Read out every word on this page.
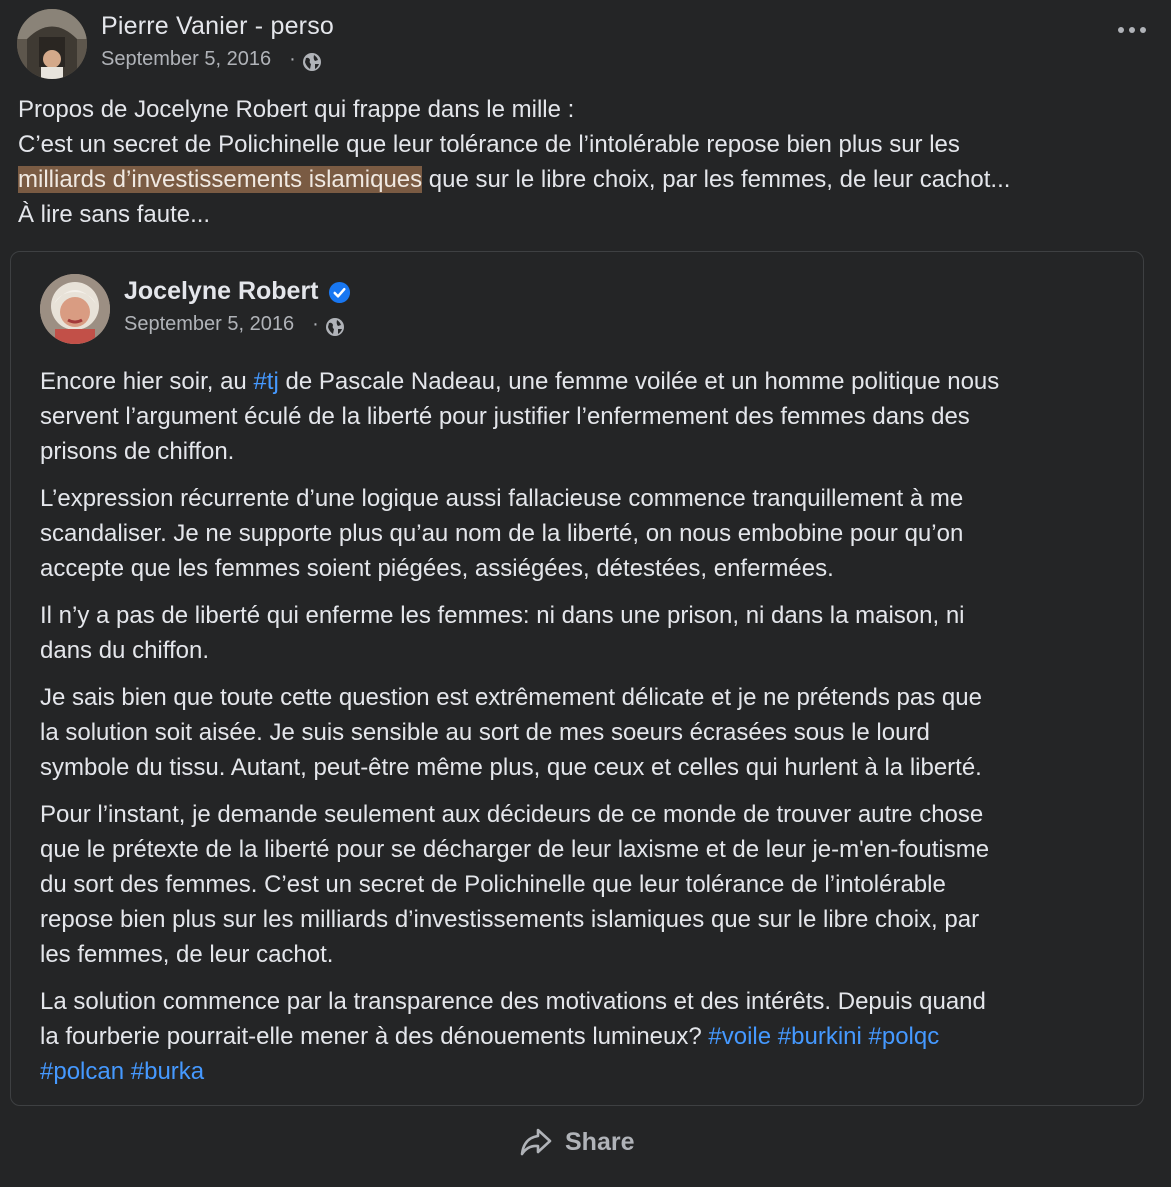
Pierre Vanier - perso
September 5, 2016 ·
Propos de Jocelyne Robert qui frappe dans le mille :
C’est un secret de Polichinelle que leur tolérance de l’intolérable repose bien plus sur les
milliards d’investissements islamiques que sur le libre choix, par les femmes, de leur cachot...
À lire sans faute...
Jocelyne Robert
September 5, 2016 ·
Encore hier soir, au #tj de Pascale Nadeau, une femme voilée et un homme politique nous
servent l’argument éculé de la liberté pour justifier l’enfermement des femmes dans des
prisons de chiffon.
L’expression récurrente d’une logique aussi fallacieuse commence tranquillement à me
scandaliser. Je ne supporte plus qu’au nom de la liberté, on nous embobine pour qu’on
accepte que les femmes soient piégées, assiégées, détestées, enfermées.
Il n’y a pas de liberté qui enferme les femmes: ni dans une prison, ni dans la maison, ni
dans du chiffon.
Je sais bien que toute cette question est extrêmement délicate et je ne prétends pas que
la solution soit aisée. Je suis sensible au sort de mes soeurs écrasées sous le lourd
symbole du tissu. Autant, peut-être même plus, que ceux et celles qui hurlent à la liberté.
Pour l’instant, je demande seulement aux décideurs de ce monde de trouver autre chose
que le prétexte de la liberté pour se décharger de leur laxisme et de leur je-m'en-foutisme
du sort des femmes. C’est un secret de Polichinelle que leur tolérance de l’intolérable
repose bien plus sur les milliards d’investissements islamiques que sur le libre choix, par
les femmes, de leur cachot.
La solution commence par la transparence des motivations et des intérêts. Depuis quand
la fourberie pourrait-elle mener à des dénouements lumineux? #voile #burkini #polqc
#polcan #burka
Share
